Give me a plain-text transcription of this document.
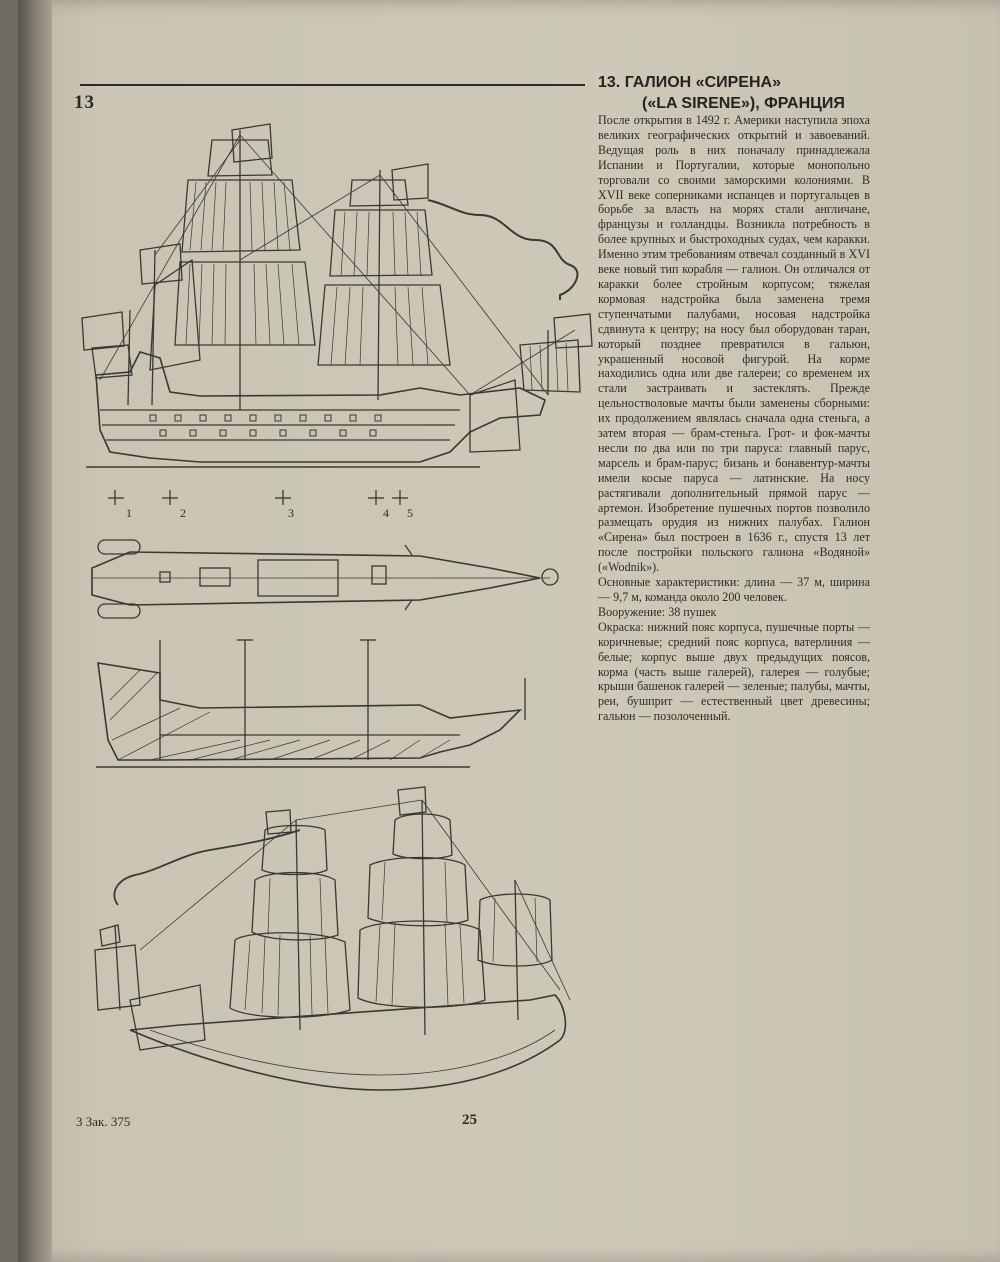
13
13. ГАЛИОН «СИРЕНА»
(«LA SIRENE»), ФРАНЦИЯ

После открытия в 1492 г. Америки наступила эпоха великих географических открытий и завоеваний. Ведущая роль в них поначалу принадлежала Испании и Португалии, которые монопольно торговали со своими заморскими колониями. В XVII веке соперниками испанцев и португальцев в борьбе за власть на морях стали англичане, французы и голландцы. Возникла потребность в более крупных и быстроходных судах, чем каракки. Именно этим требованиям отвечал созданный в XVI веке новый тип корабля — галион. Он отличался от каракки более стройным корпусом; тяжелая кормовая надстройка была заменена тремя ступенчатыми палубами, носовая надстройка сдвинута к центру; на носу был оборудован таран, который позднее превратился в гальюн, украшенный носовой фигурой. На корме находились одна или две галереи; со временем их стали застраивать и застеклять. Прежде цельностволовые мачты были заменены сборными: их продолжением являлась сначала одна стеньга, а затем вторая — брам-стеньга. Грот- и фок-мачты несли по два или по три паруса: главный парус, марсель и брам-парус; бизань и бонавентур-мачты имели косые паруса — латинские. На носу растягивали дополнительный прямой парус — артемон. Изобретение пушечных портов позволило размещать орудия из нижних палубах. Галион «Сирена» был построен в 1636 г., спустя 13 лет после постройки польского галиона «Водяной» («Wodnik»).

Основные характеристики: длина — 37 м, ширина — 9,7 м, команда около 200 человек.

Вооружение: 38 пушек

Окраска: нижний пояс корпуса, пушечные порты — коричневые; средний пояс корпуса, ватерлиния — белые; корпус выше двух предыдущих поясов, корма (часть выше галерей), галерея — голубые; крыши башенок галерей — зеленые; палубы, мачты, реи, бушприт — естественный цвет древесины; гальюн — позолоченный.

1	2	3	4 5
3 Зак. 375	25
